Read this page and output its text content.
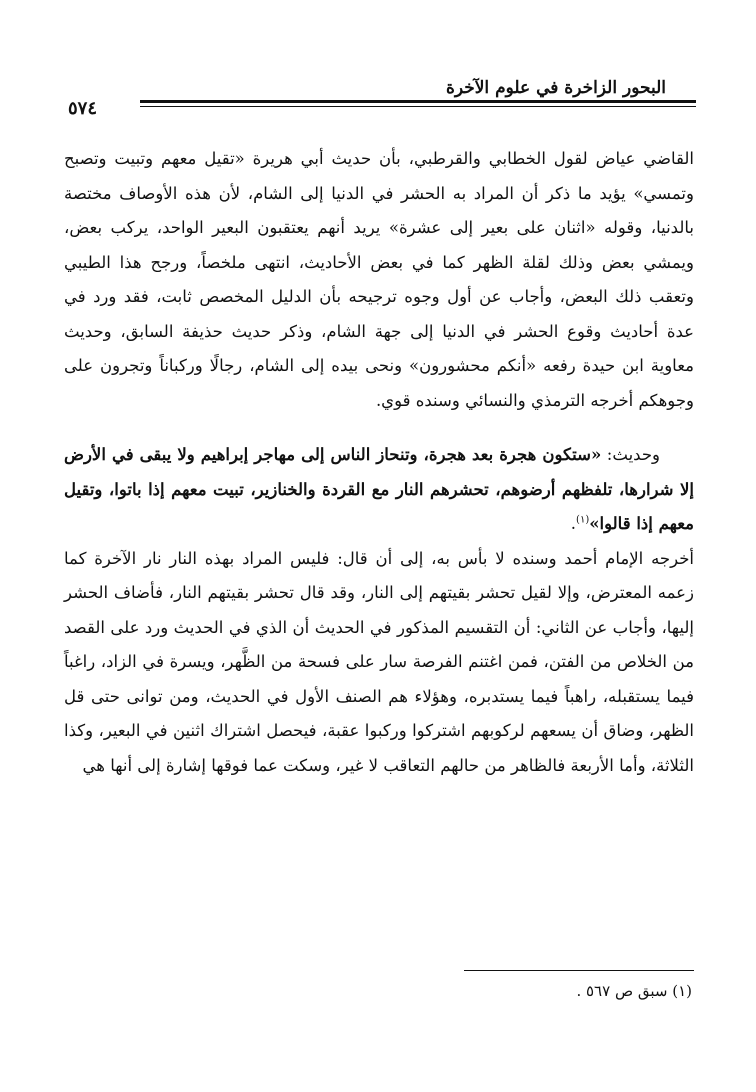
البحور الزاخرة في علوم الآخرة
٥٧٤

القاضي عياض لقول الخطابي والقرطبي، بأن حديث أبي هريرة «تقيل معهم وتبيت وتصبح وتمسي» يؤيد ما ذكر أن المراد به الحشر في الدنيا إلى الشام، لأن هذه الأوصاف مختصة بالدنيا، وقوله «اثنان على بعير إلى عشرة» يريد أنهم يعتقبون البعير الواحد، يركب بعض، ويمشي بعض وذلك لقلة الظهر كما في بعض الأحاديث، انتهى ملخصاً، ورجح هذا الطيبي وتعقب ذلك البعض، وأجاب عن أول وجوه ترجيحه بأن الدليل المخصص ثابت، فقد ورد في عدة أحاديث وقوع الحشر في الدنيا إلى جهة الشام، وذكر حديث حذيفة السابق، وحديث معاوية ابن حيدة رفعه «أنكم محشورون» ونحى بيده إلى الشام، رجالًا وركباناً وتجرون على وجوهكم أخرجه الترمذي والنسائي وسنده قوي.

وحديث: «ستكون هجرة بعد هجرة، وتنحاز الناس إلى مهاجر إبراهيم ولا يبقى في الأرض إلا شرارها، تلفظهم أرضوهم، تحشرهم النار مع القردة والخنازير، تبيت معهم إذا باتوا، وتقيل معهم إذا قالوا»$^{(١)}$.

أخرجه الإمام أحمد وسنده لا بأس به، إلى أن قال: فليس المراد بهذه النار نار الآخرة كما زعمه المعترض، وإلا لقيل تحشر بقيتهم إلى النار، وقد قال تحشر بقيتهم النار، فأضاف الحشر إليها، وأجاب عن الثاني: أن التقسيم المذكور في الحديث أن الذي في الحديث ورد على القصد من الخلاص من الفتن، فمن اغتنم الفرصة سار على فسحة من الظَّهر، ويسرة في الزاد، راغباً فيما يستقبله، راهباً فيما يستدبره، وهؤلاء هم الصنف الأول في الحديث، ومن توانى حتى قل الظهر، وضاق أن يسعهم لركوبهم اشتركوا وركبوا عقبة، فيحصل اشتراك اثنين في البعير، وكذا الثلاثة، وأما الأربعة فالظاهر من حالهم التعاقب لا غير، وسكت عما فوقها إشارة إلى أنها هي

(١) سبق ص ٥٦٧ .
